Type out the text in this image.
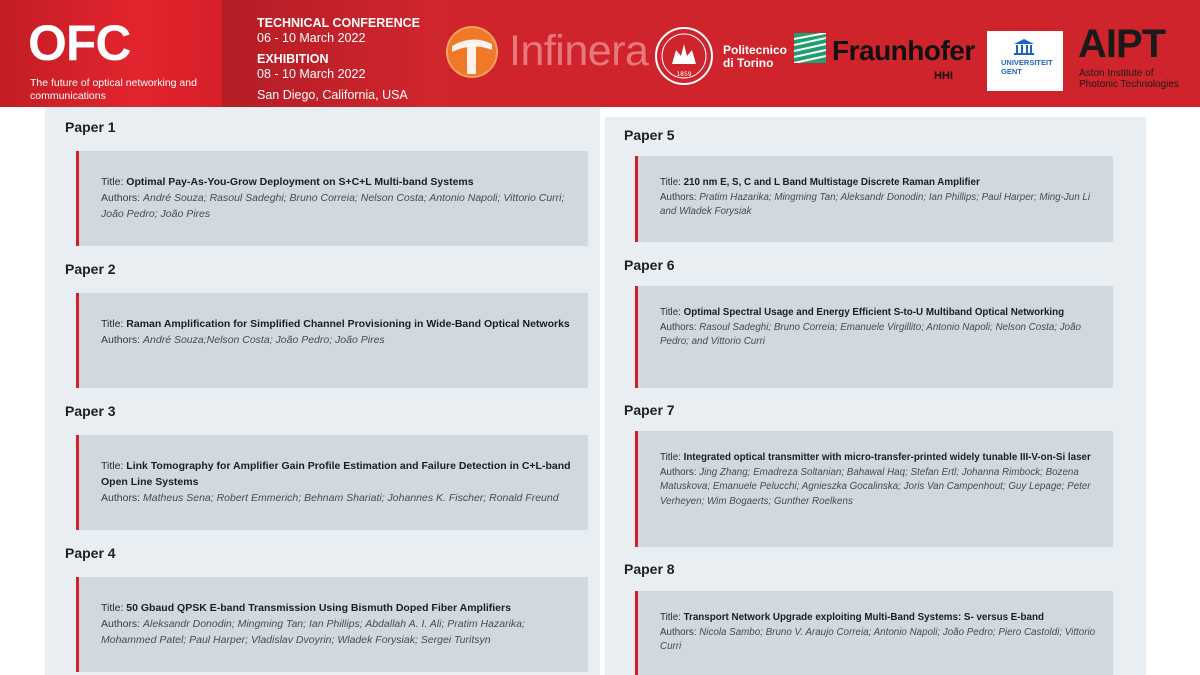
OFC
The future of optical networking and communications
TECHNICAL CONFERENCE
06 - 10 March 2022
EXHIBITION
08 - 10 March 2022
San Diego, California, USA
Infinera	1859
Politecnico
di Torino	Fraunhofer
HHI
UNIVERSITEIT
GENT
AIPT
Aston Institute of
Photonic Technologies
Paper 1
Title: Optimal Pay-As-You-Grow Deployment on S+C+L Multi-band Systems
Authors: André Souza; Rasoul Sadeghi; Bruno Correia; Nelson Costa; Antonio Napoli; Vittorio Curri; João Pedro; João Pires
Paper 2
Title: Raman Amplification for Simplified Channel Provisioning in Wide-Band Optical Networks
Authors: André Souza;Nelson Costa; João Pedro; João Pires
Paper 3
Title: Link Tomography for Amplifier Gain Profile Estimation and Failure Detection in C+L-band Open Line Systems
Authors: Matheus Sena; Robert Emmerich; Behnam Shariati; Johannes K. Fischer; Ronald Freund
Paper 4
Title: 50 Gbaud QPSK E-band Transmission Using Bismuth Doped Fiber Amplifiers
Authors: Aleksandr Donodin; Mingming Tan; Ian Phillips; Abdallah A. I. Ali; Pratim Hazarika; Mohammed Patel; Paul Harper; Vladislav Dvoyrin; Wladek Forysiak; Sergei Turitsyn
Paper 5
Title: 210 nm E, S, C and L Band Multistage Discrete Raman Amplifier
Authors: Pratim Hazarika; Mingming Tan; Aleksandr Donodin; Ian Phillips; Paul Harper; Ming-Jun Li and Wladek Forysiak
Paper 6
Title: Optimal Spectral Usage and Energy Efficient S-to-U Multiband Optical Networking
Authors: Rasoul Sadeghi; Bruno Correia; Emanuele Virgillito; Antonio Napoli; Nelson Costa; João Pedro; and Vittorio Curri
Paper 7
Title: Integrated optical transmitter with micro-transfer-printed widely tunable III-V-on-Si laser
Authors: Jing Zhang; Emadreza Soltanian; Bahawal Haq; Stefan Ertl; Johanna Rimbock; Bozena Matuskova; Emanuele Pelucchi; Agnieszka Gocalinska; Joris Van Campenhout; Guy Lepage; Peter Verheyen; Wim Bogaerts; Gunther Roelkens
Paper 8
Title: Transport Network Upgrade exploiting Multi-Band Systems: S- versus E-band
Authors: Nicola Sambo; Bruno V. Araujo Correia; Antonio Napoli; João Pedro; Piero Castoldi; Vittorio Curri
